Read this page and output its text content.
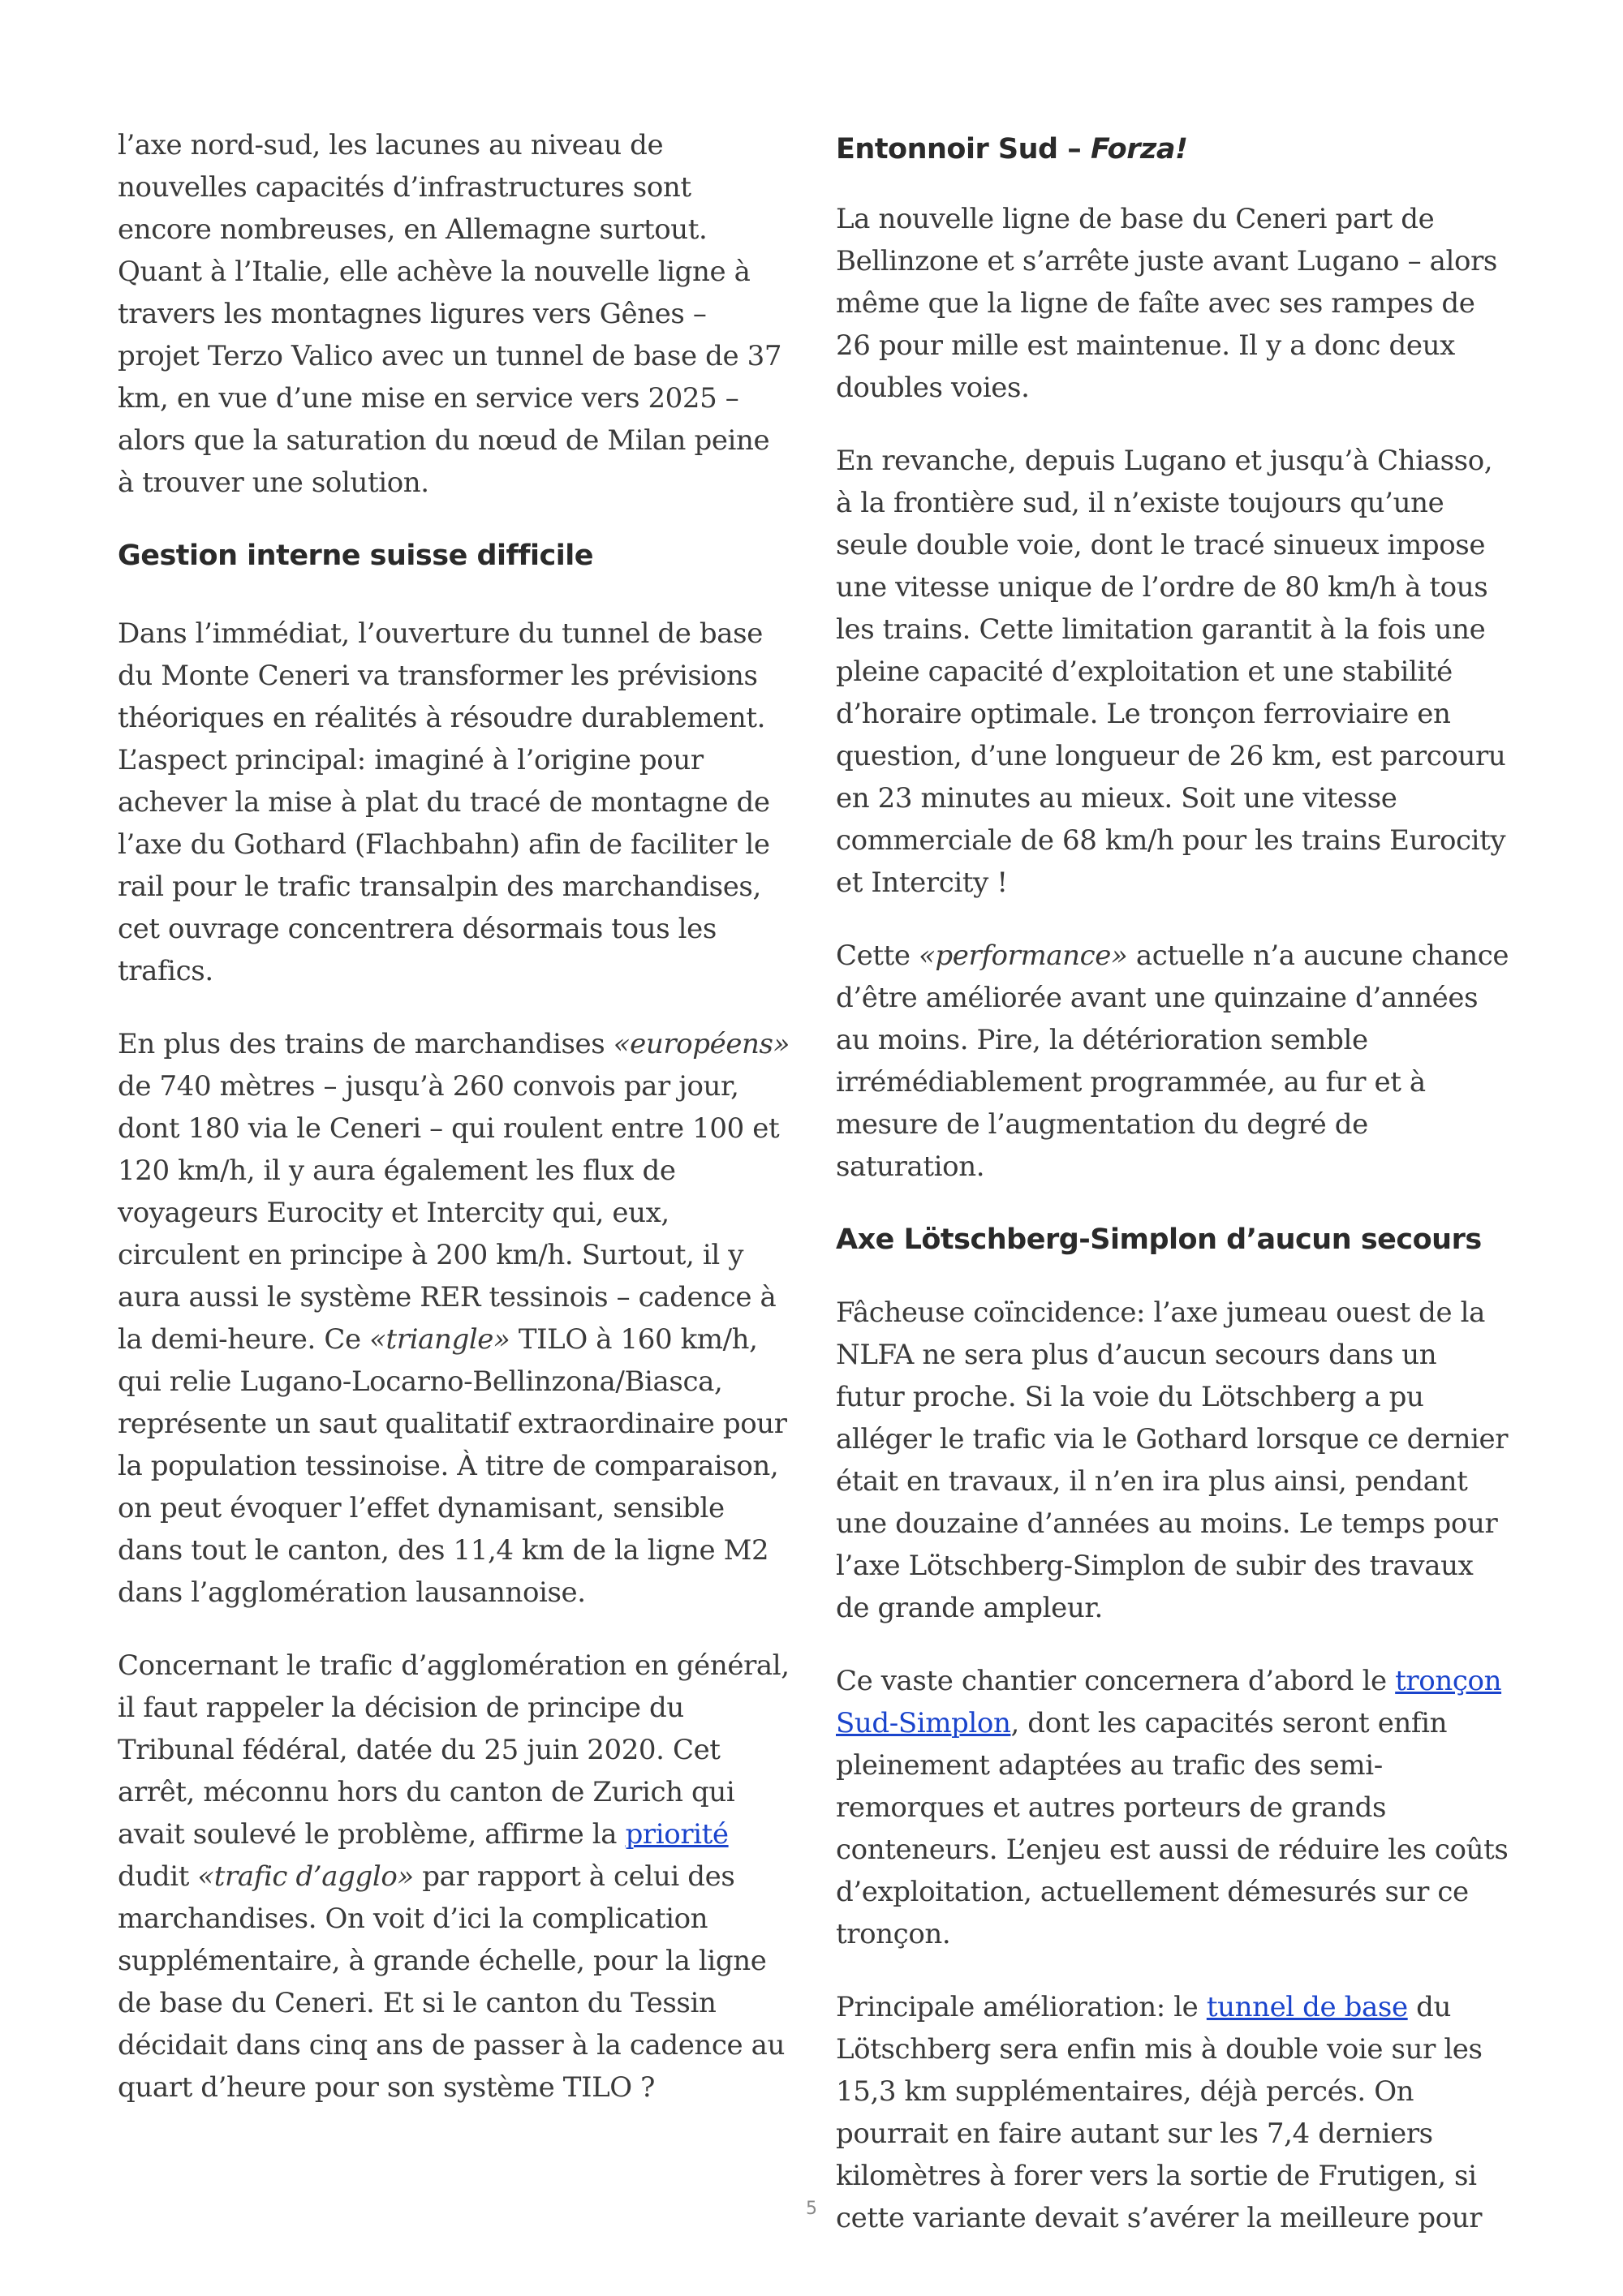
l’axe nord-sud, les lacunes au niveau de nouvelles capacités d’infrastructures sont encore nombreuses, en Allemagne surtout. Quant à l’Italie, elle achève la nouvelle ligne à travers les montagnes ligures vers Gênes – projet Terzo Valico avec un tunnel de base de 37 km, en vue d’une mise en service vers 2025 – alors que la saturation du nœud de Milan peine à trouver une solution.

Gestion interne suisse difficile

Dans l’immédiat, l’ouverture du tunnel de base du Monte Ceneri va transformer les prévisions théoriques en réalités à résoudre durablement. L’aspect principal: imaginé à l’origine pour achever la mise à plat du tracé de montagne de l’axe du Gothard (Flachbahn) afin de faciliter le rail pour le trafic transalpin des marchandises, cet ouvrage concentrera désormais tous les trafics.

En plus des trains de marchandises «européens» de 740 mètres – jusqu’à 260 convois par jour, dont 180 via le Ceneri – qui roulent entre 100 et 120 km/h, il y aura également les flux de voyageurs Eurocity et Intercity qui, eux, circulent en principe à 200 km/h. Surtout, il y aura aussi le système RER tessinois – cadence à la demi-heure. Ce «triangle» TILO à 160 km/h, qui relie Lugano-Locarno-Bellinzona/Biasca, représente un saut qualitatif extraordinaire pour la population tessinoise. À titre de comparaison, on peut évoquer l’effet dynamisant, sensible dans tout le canton, des 11,4 km de la ligne M2 dans l’agglomération lausannoise.

Concernant le trafic d’agglomération en général, il faut rappeler la décision de principe du Tribunal fédéral, datée du 25 juin 2020. Cet arrêt, méconnu hors du canton de Zurich qui avait soulevé le problème, affirme la priorité dudit «trafic d’agglo» par rapport à celui des marchandises. On voit d’ici la complication supplémentaire, à grande échelle, pour la ligne de base du Ceneri. Et si le canton du Tessin décidait dans cinq ans de passer à la cadence au quart d’heure pour son système TILO ?

Entonnoir Sud – Forza!

La nouvelle ligne de base du Ceneri part de Bellinzone et s’arrête juste avant Lugano – alors même que la ligne de faîte avec ses rampes de 26 pour mille est maintenue. Il y a donc deux doubles voies.

En revanche, depuis Lugano et jusqu’à Chiasso, à la frontière sud, il n’existe toujours qu’une seule double voie, dont le tracé sinueux impose une vitesse unique de l’ordre de 80 km/h à tous les trains. Cette limitation garantit à la fois une pleine capacité d’exploitation et une stabilité d’horaire optimale. Le tronçon ferroviaire en question, d’une longueur de 26 km, est parcouru en 23 minutes au mieux. Soit une vitesse commerciale de 68 km/h pour les trains Eurocity et Intercity !

Cette «performance» actuelle n’a aucune chance d’être améliorée avant une quinzaine d’années au moins. Pire, la détérioration semble irrémédiablement programmée, au fur et à mesure de l’augmentation du degré de saturation.

Axe Lötschberg-Simplon d’aucun secours

Fâcheuse coïncidence: l’axe jumeau ouest de la NLFA ne sera plus d’aucun secours dans un futur proche. Si la voie du Lötschberg a pu alléger le trafic via le Gothard lorsque ce dernier était en travaux, il n’en ira plus ainsi, pendant une douzaine d’années au moins. Le temps pour l’axe Lötschberg-Simplon de subir des travaux de grande ampleur.

Ce vaste chantier concernera d’abord le tronçon Sud-Simplon, dont les capacités seront enfin pleinement adaptées au trafic des semi-remorques et autres porteurs de grands conteneurs. L’enjeu est aussi de réduire les coûts d’exploitation, actuellement démesurés sur ce tronçon.

Principale amélioration: le tunnel de base du Lötschberg sera enfin mis à double voie sur les 15,3 km supplémentaires, déjà percés. On pourrait en faire autant sur les 7,4 derniers kilomètres à forer vers la sortie de Frutigen, si cette variante devait s’avérer la meilleure pour

5
